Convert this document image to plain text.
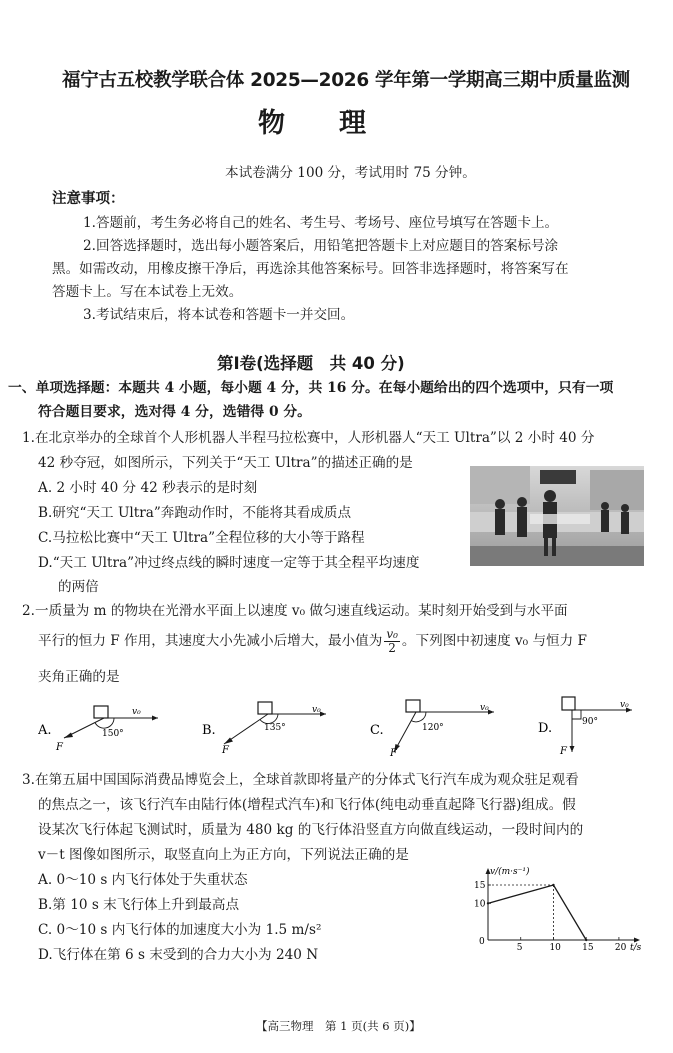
福宁古五校教学联合体 2025—2026 学年第一学期高三期中质量监测
物　　理
本试卷满分 100 分，考试用时 75 分钟。
注意事项：
1.答题前，考生务必将自己的姓名、考生号、考场号、座位号填写在答题卡上。
2.回答选择题时，选出每小题答案后，用铅笔把答题卡上对应题目的答案标号涂
黑。如需改动，用橡皮擦干净后，再选涂其他答案标号。回答非选择题时，将答案写在
答题卡上。写在本试卷上无效。
3.考试结束后，将本试卷和答题卡一并交回。
第Ⅰ卷(选择题　共 40 分)
一、单项选择题：本题共 4 小题，每小题 4 分，共 16 分。在每小题给出的四个选项中，只有一项
符合题目要求，选对得 4 分，选错得 0 分。
1.在北京举办的全球首个人形机器人半程马拉松赛中，人形机器人“天工 Ultra”以 2 小时 40 分
42 秒夺冠，如图所示，下列关于“天工 Ultra”的描述正确的是
A. 2 小时 40 分 42 秒表示的是时刻
B.研究“天工 Ultra”奔跑动作时，不能将其看成质点
C.马拉松比赛中“天工 Ultra”全程位移的大小等于路程
D.“天工 Ultra”冲过终点线的瞬时速度一定等于其全程平均速度
的两倍
2.一质量为 m 的物块在光滑水平面上以速度 v₀ 做匀速直线运动。某时刻开始受到与水平面
平行的恒力 F 作用，其速度大小先减小后增大，最小值为 $\frac{\text{v₀}}{2}$ 。下列图中初速度 v₀ 与恒力 F
夹角正确的是
A.
v₀
F
150°	B.
v₀
F
135°	C.
v₀
F
120°	D.
v₀
F
90°
3.在第五届中国国际消费品博览会上，全球首款即将量产的分体式飞行汽车成为观众驻足观看
的焦点之一，该飞行汽车由陆行体(增程式汽车)和飞行体(纯电动垂直起降飞行器)组成。假
设某次飞行体起飞测试时，质量为 480 kg 的飞行体沿竖直方向做直线运动，一段时间内的
v－t 图像如图所示，取竖直向上为正方向，下列说法正确的是
A. 0～10 s 内飞行体处于失重状态
B.第 10 s 末飞行体上升到最高点
C. 0～10 s 内飞行体的加速度大小为 1.5 m/s²
D.飞行体在第 6 s 末受到的合力大小为 240 N	5	10 15 20
10
15
v/(m·s⁻¹)
t/s
0
【高三物理　第 1 页(共 6 页)】
